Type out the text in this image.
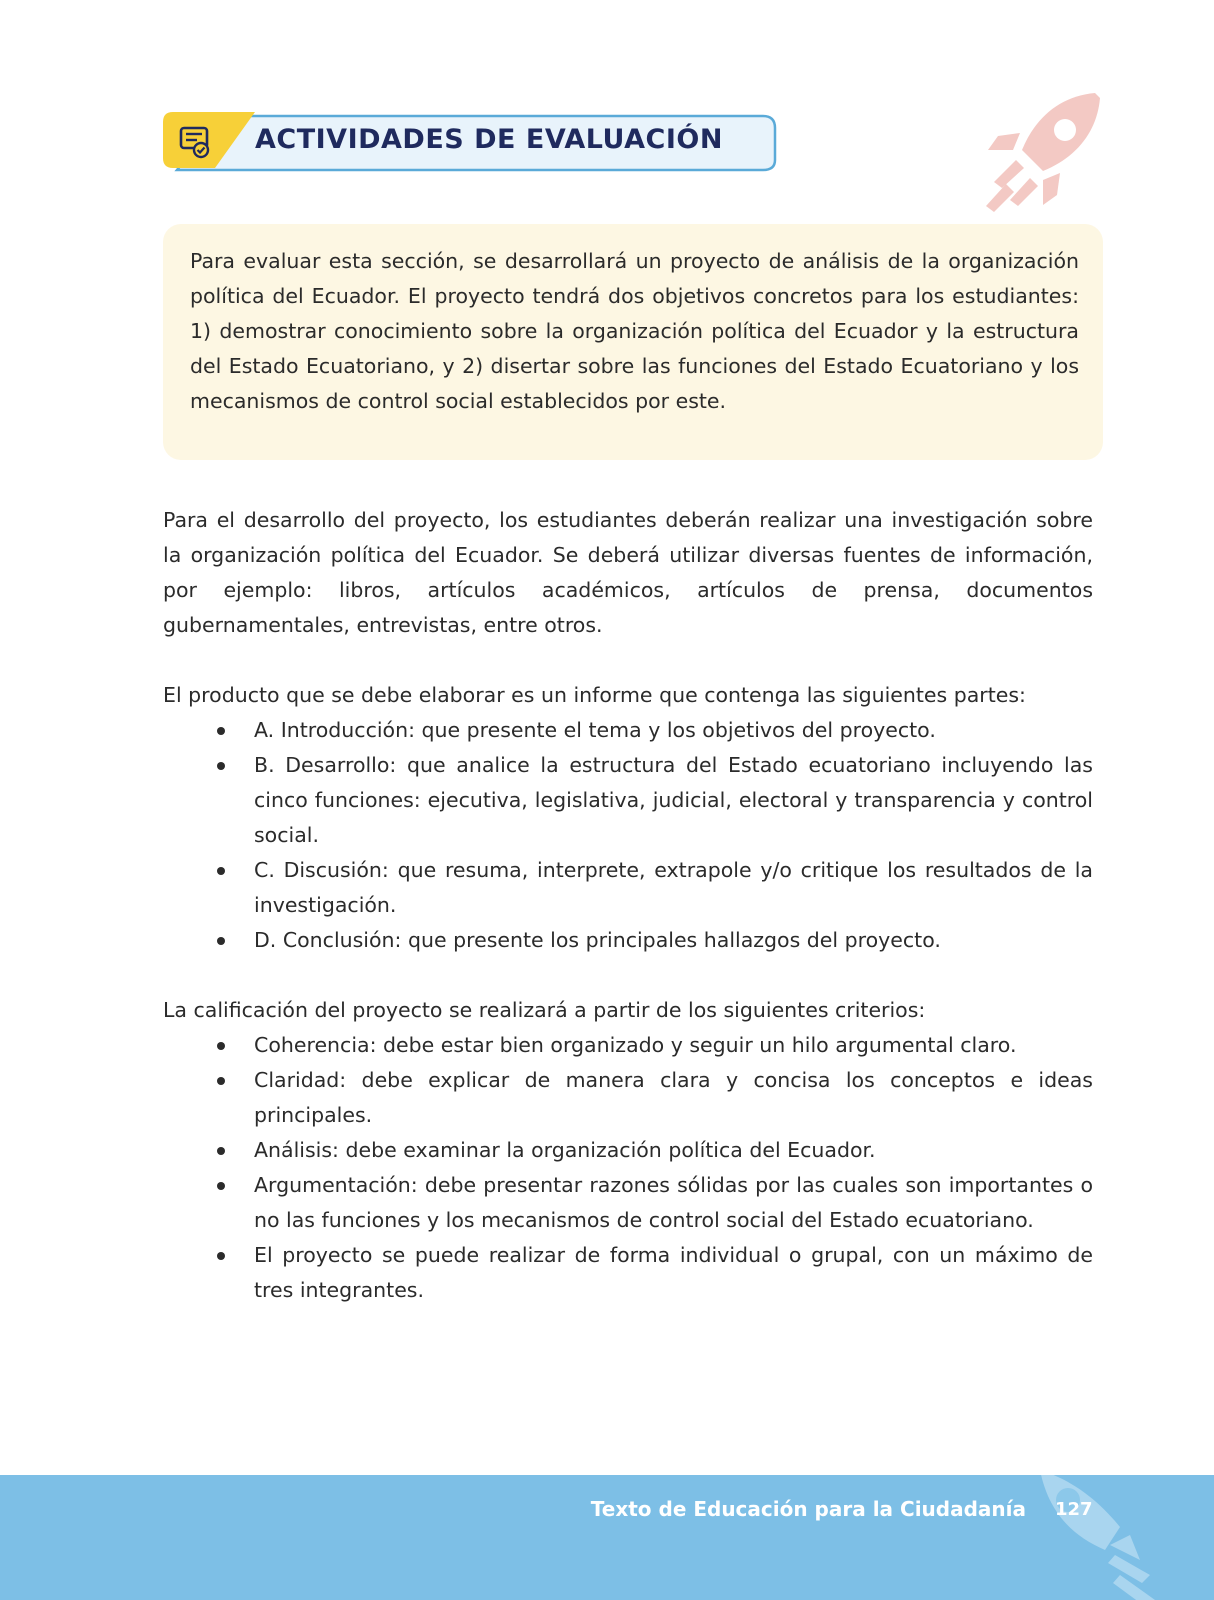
ACTIVIDADES DE EVALUACIÓN

Para evaluar esta sección, se desarrollará un proyecto de análisis de la organización política del Ecuador. El proyecto tendrá dos objetivos concretos para los estudiantes: 1) demostrar conocimiento sobre la organización política del Ecuador y la estructura del Estado Ecuatoriano, y 2) disertar sobre las funciones del Estado Ecuatoriano y los mecanismos de control social establecidos por este.

Para el desarrollo del proyecto, los estudiantes deberán realizar una investigación sobre la organización política del Ecuador. Se deberá utilizar diversas fuentes de información, por ejemplo: libros, artículos académicos, artículos de prensa, documentos gubernamentales, entrevistas, entre otros.

El producto que se debe elaborar es un informe que contenga las siguientes partes:

A. Introducción: que presente el tema y los objetivos del proyecto.
B. Desarrollo: que analice la estructura del Estado ecuatoriano incluyendo las cinco funciones: ejecutiva, legislativa, judicial, electoral y transparencia y control social.
C. Discusión: que resuma, interprete, extrapole y/o critique los resultados de la investigación.
D. Conclusión: que presente los principales hallazgos del proyecto.

La calificación del proyecto se realizará a partir de los siguientes criterios:

Coherencia: debe estar bien organizado y seguir un hilo argumental claro.
Claridad: debe explicar de manera clara y concisa los conceptos e ideas principales.
Análisis: debe examinar la organización política del Ecuador.
Argumentación: debe presentar razones sólidas por las cuales son importantes o no las funciones y los mecanismos de control social del Estado ecuatoriano.
El proyecto se puede realizar de forma individual o grupal, con un máximo de tres integrantes.
Texto de Educación para la Ciudadanía 127
